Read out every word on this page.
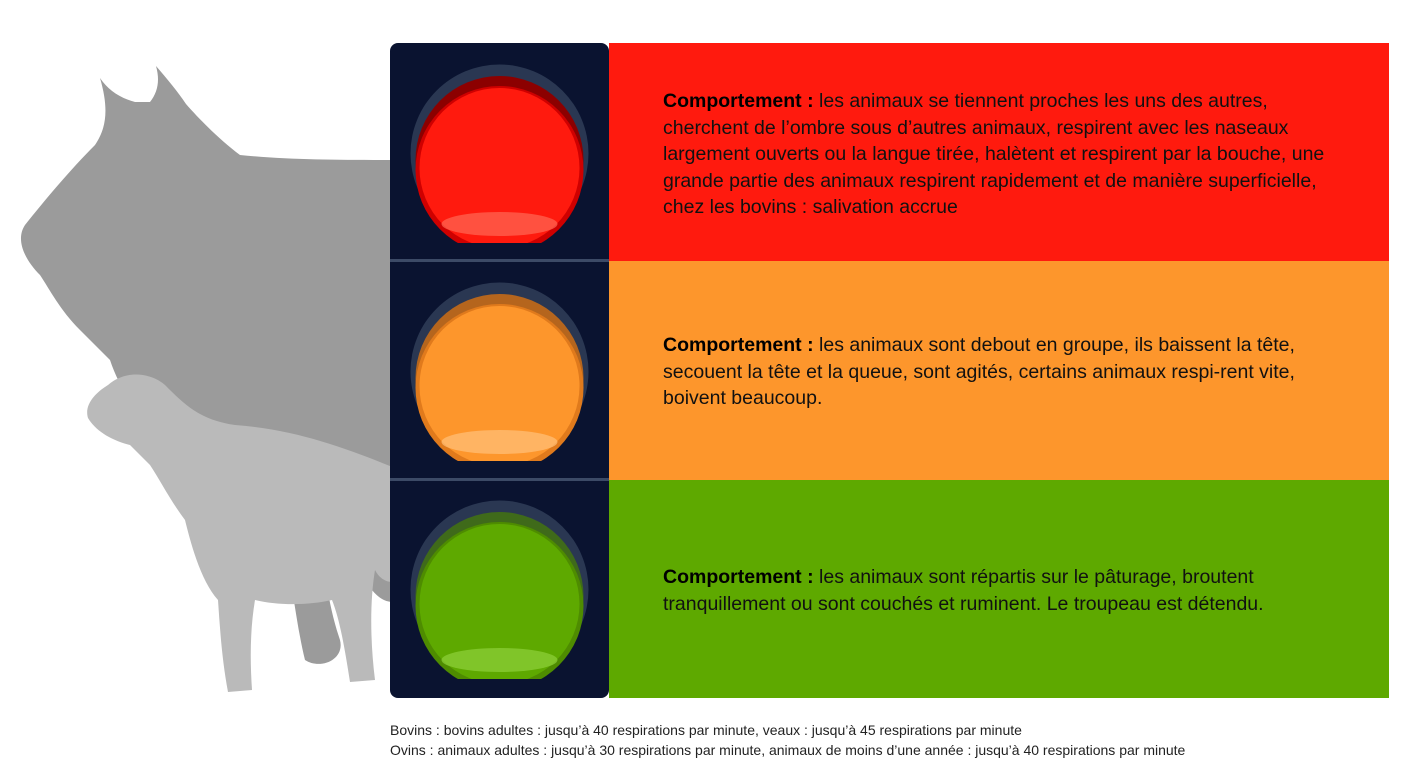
Comportement : les animaux se tiennent proches les uns des autres, cherchent de l’ombre sous d’autres animaux, respirent avec les naseaux largement ouverts ou la langue tirée, halètent et respirent par la bouche, une grande partie des animaux respirent rapidement et de manière superficielle, chez les bovins : salivation accrue
Comportement : les animaux sont debout en groupe, ils baissent la tête, secouent la tête et la queue, sont agités, certains animaux respi-rent vite, boivent beaucoup.
Comportement : les animaux sont répartis sur le pâturage, broutent tranquillement ou sont couchés et ruminent. Le troupeau est détendu.
Bovins : bovins adultes : jusqu’à 40 respirations par minute, veaux : jusqu’à 45 respirations par minute
Ovins : animaux adultes : jusqu’à 30 respirations par minute, animaux de moins d’une année : jusqu’à 40 respirations par minute
